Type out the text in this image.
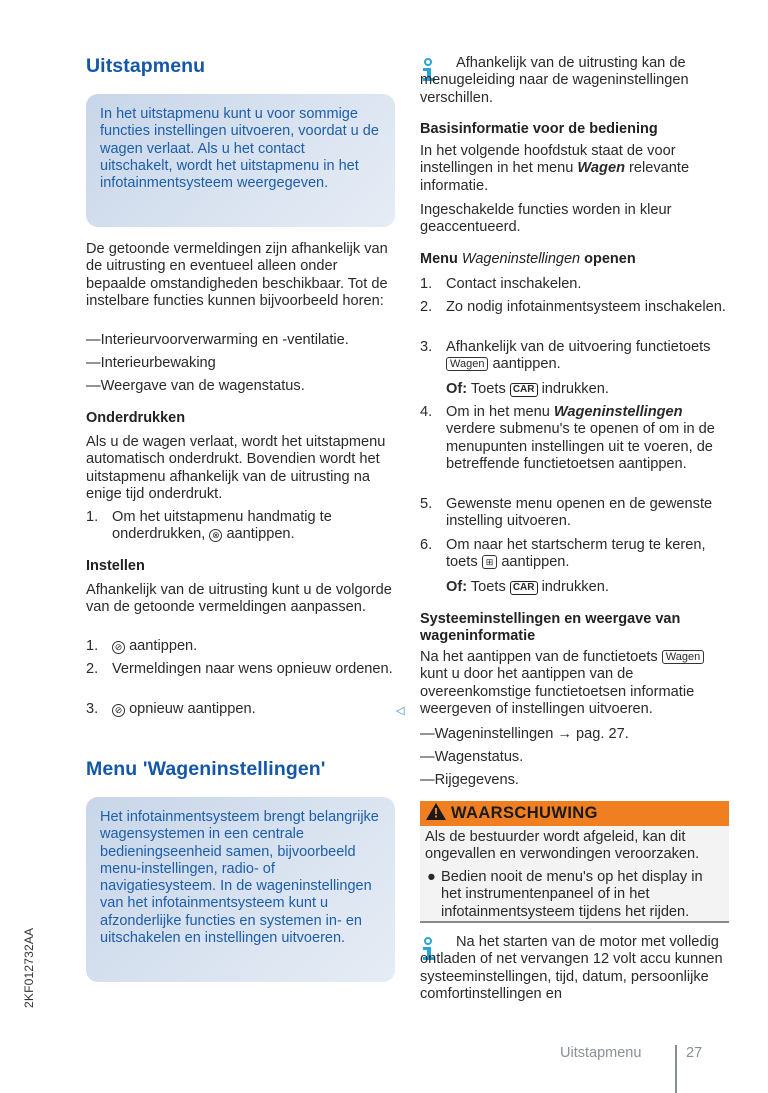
Uitstapmenu
In het uitstapmenu kunt u voor sommige functies instellingen uitvoeren, voordat u de wagen verlaat. Als u het contact uitschakelt, wordt het uitstapmenu in het infotainmentsysteem weergegeven.

De getoonde vermeldingen zijn afhankelijk van de uitrusting en eventueel alleen onder bepaalde omstandigheden beschikbaar. Tot de instelbare functies kunnen bijvoorbeeld horen:

— Interieurvoorverwarming en -ventilatie.
— Interieurbewaking
— Weergave van de wagenstatus.
Onderdrukken

Als u de wagen verlaat, wordt het uitstapmenu automatisch onderdrukt. Bovendien wordt het uitstapmenu afhankelijk van de uitrusting na enige tijd onderdrukt.

1. Om het uitstapmenu handmatig te onderdrukken, ⊗ aantippen.
Instellen

Afhankelijk van de uitrusting kunt u de volgorde van de getoonde vermeldingen aanpassen.

1.	⊘ aantippen.
2. Vermeldingen naar wens opnieuw ordenen.
3.	⊘ opnieuw aantippen.	◁
Menu 'Wageninstellingen'
Het infotainmentsysteem brengt belangrijke wagensystemen in een centrale bedieningseenheid samen, bijvoorbeeld menu-instellingen, radio- of navigatiesysteem. In de wageninstellingen van het infotainmentsysteem kunt u afzonderlijke functies en systemen in- en uitschakelen en instellingen uitvoeren.

Afhankelijk van de uitrusting kan de menugeleiding naar de wageninstellingen verschillen.

Basisinformatie voor de bediening

In het volgende hoofdstuk staat de voor instellingen in het menu Wagen relevante informatie.

Ingeschakelde functies worden in kleur geaccentueerd.

Menu Wageninstellingen openen
1. Contact inschakelen.
2. Zo nodig infotainmentsysteem inschakelen.
3. Afhankelijk van de uitvoering functietoets Wagen aantippen.
Of: Toets CAR indrukken.
4. Om in het menu Wageninstellingen verdere submenu's te openen of om in de menupunten instellingen uit te voeren, de betreffende functietoetsen aantippen.
5. Gewenste menu openen en de gewenste instelling uitvoeren.
6. Om naar het startscherm terug te keren, toets ⊞ aantippen.
Of: Toets CAR indrukken.
Systeeminstellingen en weergave van wageninformatie

Na het aantippen van de functietoets Wagen kunt u door het aantippen van de overeenkomstige functietoetsen informatie weergeven of instellingen uitvoeren.

— Wageninstellingen → pag. 27.
— Wagenstatus.
— Rijgegevens.
WAARSCHUWING

Als de bestuurder wordt afgeleid, kan dit ongevallen en verwondingen veroorzaken.

● Bedien nooit de menu's op het display in het instrumentenpaneel of in het infotainmentsysteem tijdens het rijden.

Na het starten van de motor met volledig ontladen of net vervangen 12 volt accu kunnen systeeminstellingen, tijd, datum, persoonlijke comfortinstellingen en

2KF012732AA
Uitstapmenu	27
